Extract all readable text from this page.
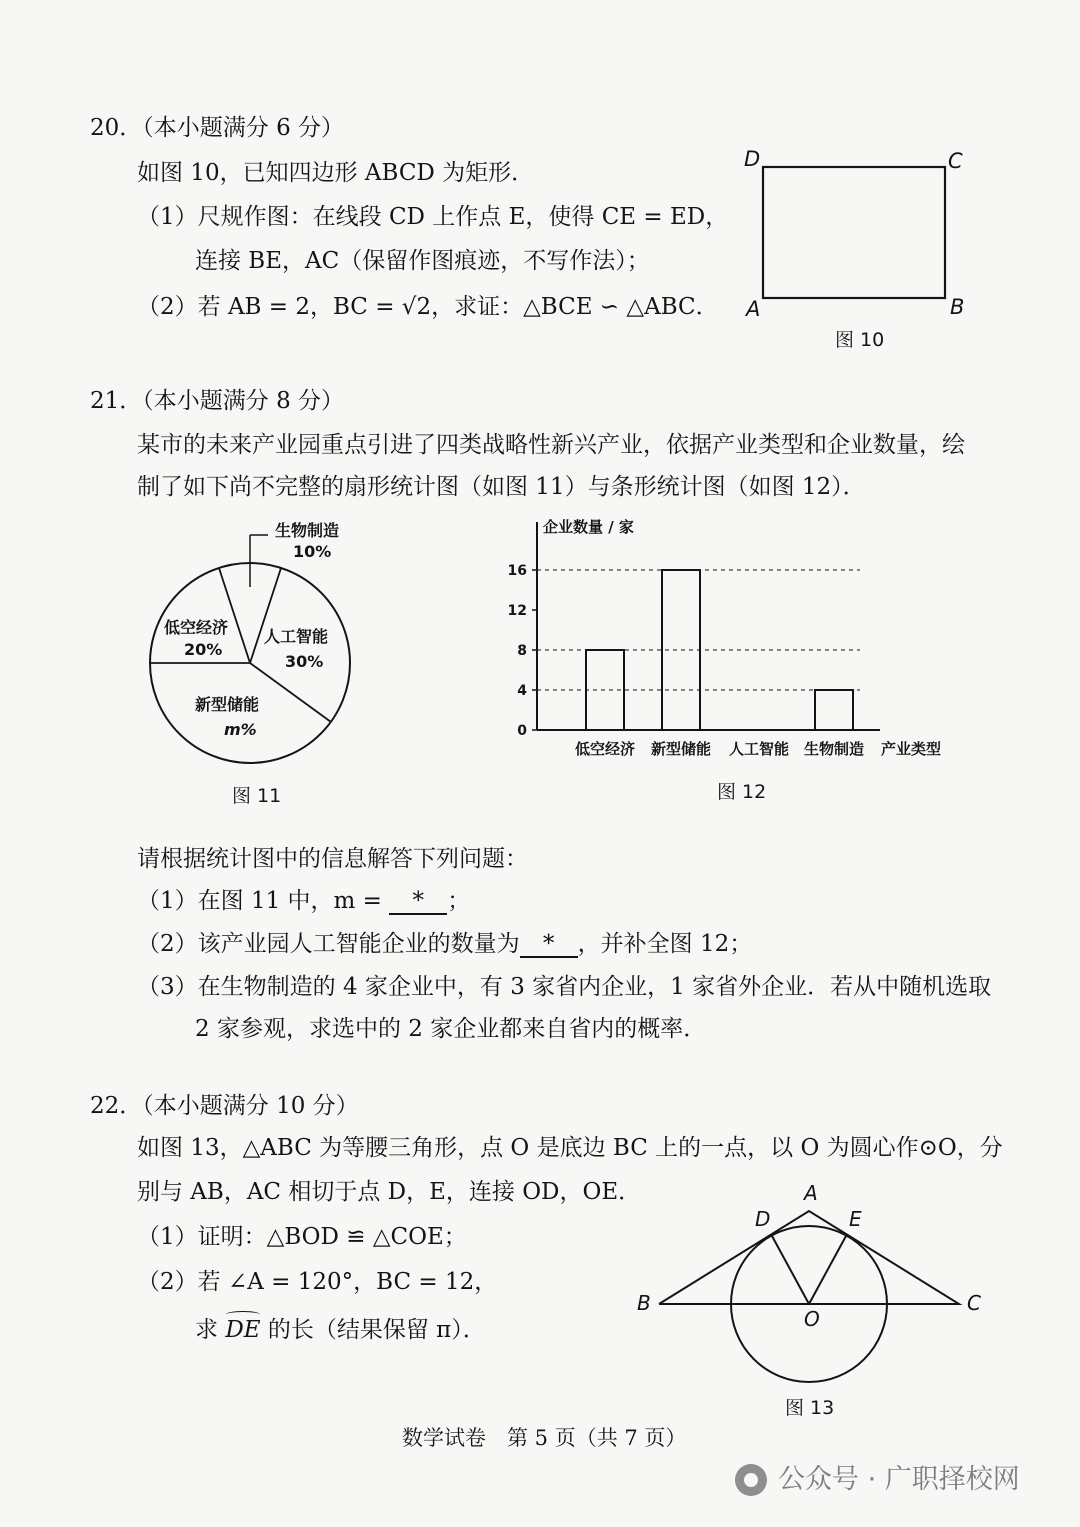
20．（本小题满分 6 分）
如图 10，已知四边形 ABCD 为矩形．
（1）尺规作图：在线段 CD 上作点 E，使得 CE = ED，
连接 BE，AC（保留作图痕迹，不写作法）；
（2）若 AB = 2，BC = √2，求证：△BCE ∽ △ABC．
D	C
A	B
图 10
21．（本小题满分 8 分）
某市的未来产业园重点引进了四类战略性新兴产业，依据产业类型和企业数量，绘
制了如下尚不完整的扇形统计图（如图 11）与条形统计图（如图 12）．
生物制造
10%
人工智能
30%
新型储能
m%
低空经济
20%
图 11
0
4
8
12
16
低空经济 新型储能 人工智能 生物制造
企业数量 / 家
产业类型
图 12
请根据统计图中的信息解答下列问题：
（1）在图 11 中，m = * ；
（2）该产业园人工智能企业的数量为 * ，并补全图 12；
（3）在生物制造的 4 家企业中，有 3 家省内企业，1 家省外企业．若从中随机选取
2 家参观，求选中的 2 家企业都来自省内的概率．
22．（本小题满分 10 分）
如图 13，△ABC 为等腰三角形，点 O 是底边 BC 上的一点，以 O 为圆心作⊙O，分
别与 AB，AC 相切于点 D，E，连接 OD，OE．
（1）证明：△BOD ≌ △COE；
（2）若 ∠A = 120°，BC = 12，
求 DE 的长（结果保留 π）．
A
D	E
B	C
O
图 13
数学试卷　第 5 页（共 7 页）
公众号 · 广职择校网
